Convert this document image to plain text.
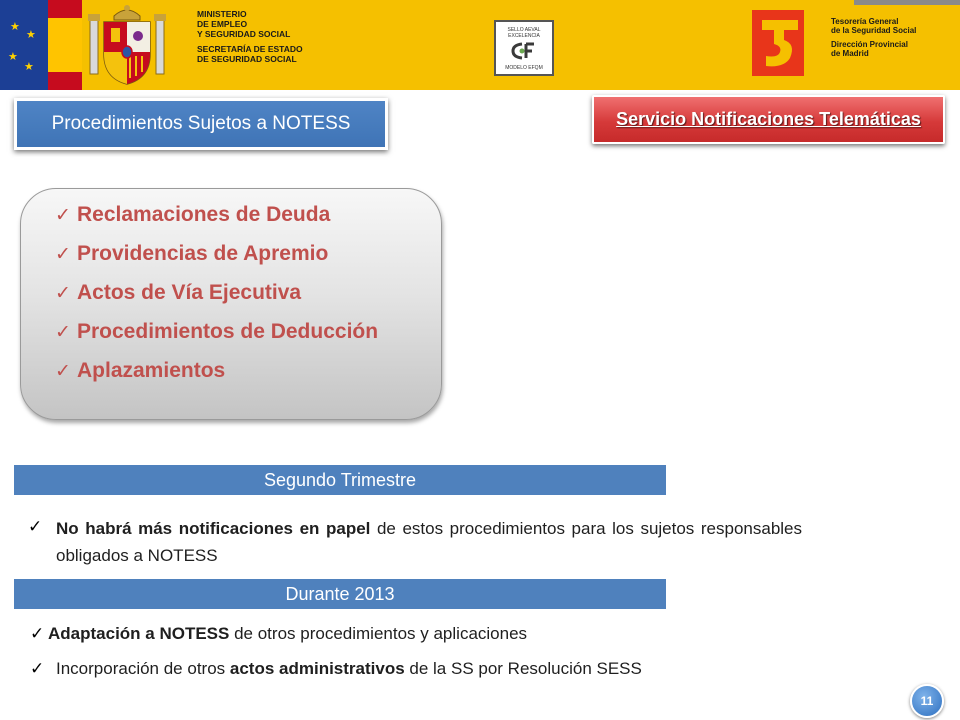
★
★
★
★
MINISTERIO
DE EMPLEO
Y SEGURIDAD SOCIAL
SECRETARÍA DE ESTADO
DE SEGURIDAD SOCIAL
SELLO AEVAL
EXCELENCIA
MODELO EFQM
Tesorería General
de la Seguridad Social
Dirección Provincial
de Madrid
Procedimientos Sujetos a NOTESS	Servicio Notificaciones Telemáticas
✓ Reclamaciones de Deuda
✓ Providencias de Apremio
✓ Actos de Vía Ejecutiva
✓ Procedimientos de Deducción
✓ Aplazamientos
Segundo Trimestre
✓ No habrá más notificaciones en papel de estos procedimientos para los sujetos responsables obligados a NOTESS
Durante 2013
✓ Adaptación a NOTESS de otros procedimientos y aplicaciones
✓ Incorporación de otros actos administrativos de la SS por Resolución SESS
11
